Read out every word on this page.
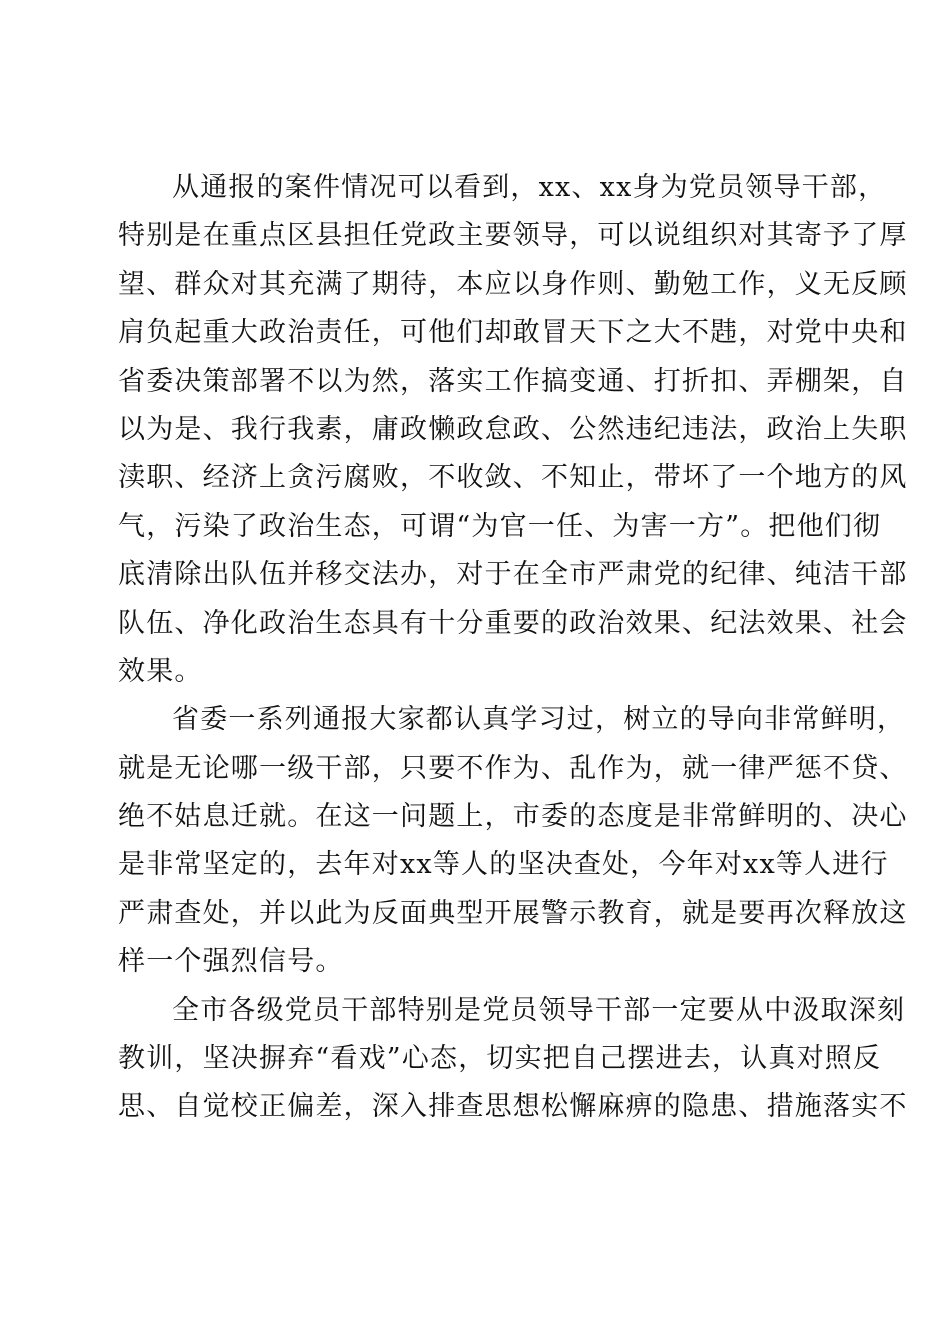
从通报的案件情况可以看到，xx、xx身为党员领导干部，
特别是在重点区县担任党政主要领导，可以说组织对其寄予了厚
望、群众对其充满了期待，本应以身作则、勤勉工作，义无反顾
肩负起重大政治责任，可他们却敢冒天下之大不韪，对党中央和
省委决策部署不以为然，落实工作搞变通、打折扣、弄棚架，自
以为是、我行我素，庸政懒政怠政、公然违纪违法，政治上失职
渎职、经济上贪污腐败，不收敛、不知止，带坏了一个地方的风
气，污染了政治生态，可谓“为官一任、为害一方”。把他们彻
底清除出队伍并移交法办，对于在全市严肃党的纪律、纯洁干部
队伍、净化政治生态具有十分重要的政治效果、纪法效果、社会
效果。
省委一系列通报大家都认真学习过，树立的导向非常鲜明，
就是无论哪一级干部，只要不作为、乱作为，就一律严惩不贷、
绝不姑息迁就。在这一问题上，市委的态度是非常鲜明的、决心
是非常坚定的，去年对xx等人的坚决查处，今年对xx等人进行
严肃查处，并以此为反面典型开展警示教育，就是要再次释放这
样一个强烈信号。
全市各级党员干部特别是党员领导干部一定要从中汲取深刻
教训，坚决摒弃“看戏”心态，切实把自己摆进去，认真对照反
思、自觉校正偏差，深入排查思想松懈麻痹的隐患、措施落实不
